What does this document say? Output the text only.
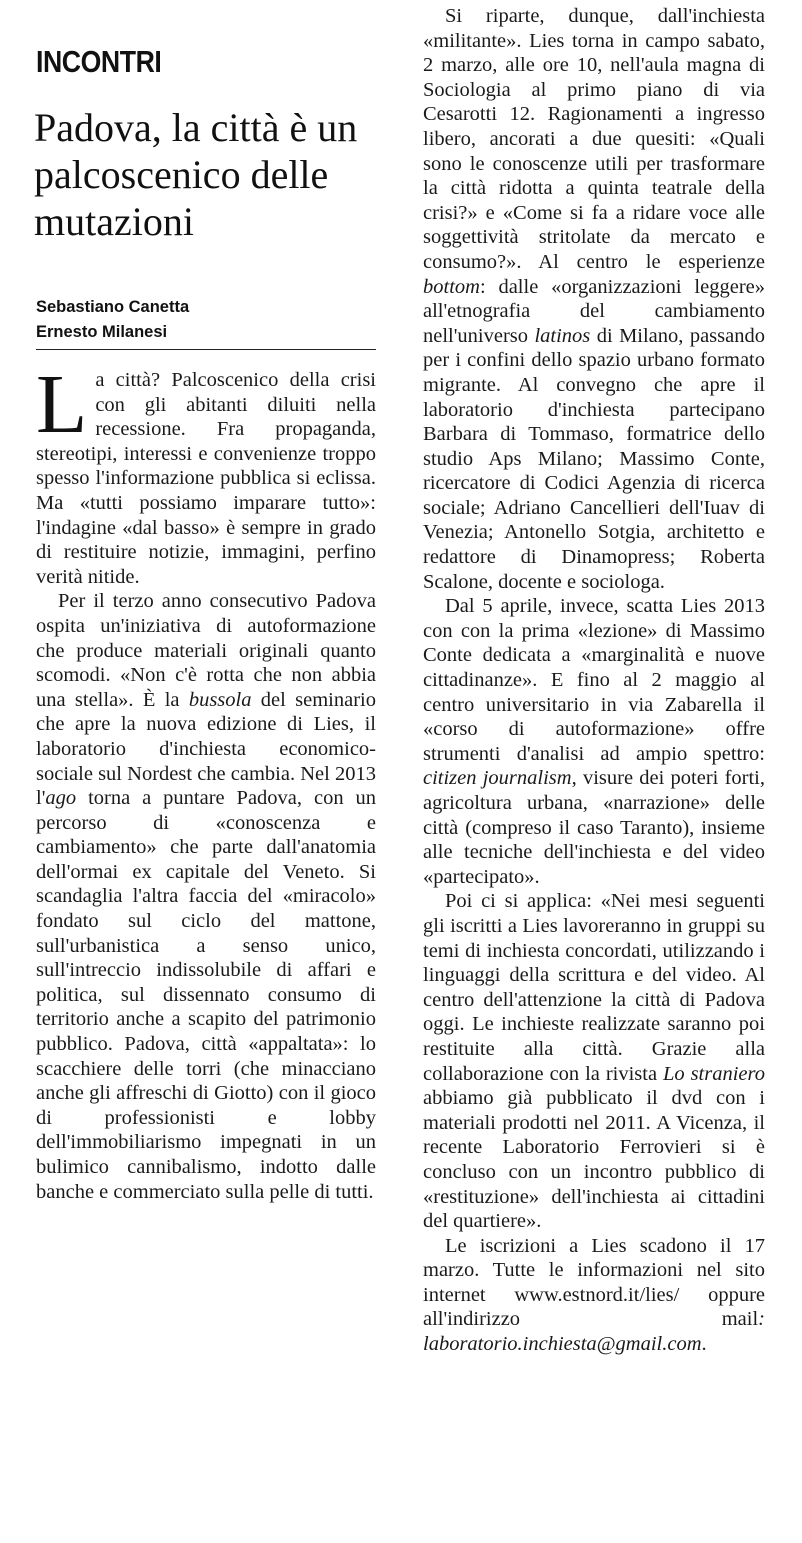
INCONTRI
Padova, la città è un palcoscenico delle mutazioni
Sebastiano Canetta
Ernesto Milanesi

L a città? Palcoscenico della crisi con gli abitanti diluiti nella recessione. Fra propaganda, stereotipi, interessi e convenienze troppo spesso l'informazione pubblica si eclissa. Ma «tutti possiamo imparare tutto»: l'indagine «dal basso» è sempre in grado di restituire notizie, immagini, perfino verità nitide.

Per il terzo anno consecutivo Padova ospita un'iniziativa di autoformazione che produce materiali originali quanto scomodi. «Non c'è rotta che non abbia una stella». È la bussola del seminario che apre la nuova edizione di Lies, il laboratorio d'inchiesta economico-sociale sul Nordest che cambia. Nel 2013 l'ago torna a puntare Padova, con un percorso di «conoscenza e cambiamento» che parte dall'anatomia dell'ormai ex capitale del Veneto. Si scandaglia l'altra faccia del «miracolo» fondato sul ciclo del mattone, sull'urbanistica a senso unico, sull'intreccio indissolubile di affari e politica, sul dissennato consumo di territorio anche a scapito del patrimonio pubblico. Padova, città «appaltata»: lo scacchiere delle torri (che minacciano anche gli affreschi di Giotto) con il gioco di professionisti e lobby dell'immobiliarismo impegnati in un bulimico cannibalismo, indotto dalle banche e commerciato sulla pelle di tutti.

Si riparte, dunque, dall'inchiesta «militante». Lies torna in campo sabato, 2 marzo, alle ore 10, nell'aula magna di Sociologia al primo piano di via Cesarotti 12. Ragionamenti a ingresso libero, ancorati a due quesiti: «Quali sono le conoscenze utili per trasformare la città ridotta a quinta teatrale della crisi?» e «Come si fa a ridare voce alle soggettività stritolate da mercato e consumo?». Al centro le esperienze bottom: dalle «organizzazioni leggere» all'etnografia del cambiamento nell'universo latinos di Milano, passando per i confini dello spazio urbano formato migrante. Al convegno che apre il laboratorio d'inchiesta partecipano Barbara di Tommaso, formatrice dello studio Aps Milano; Massimo Conte, ricercatore di Codici Agenzia di ricerca sociale; Adriano Cancellieri dell'Iuav di Venezia; Antonello Sotgia, architetto e redattore di Dinamopress; Roberta Scalone, docente e sociologa.

Dal 5 aprile, invece, scatta Lies 2013 con con la prima «lezione» di Massimo Conte dedicata a «marginalità e nuove cittadinanze». E fino al 2 maggio al centro universitario in via Zabarella il «corso di autoformazione» offre strumenti d'analisi ad ampio spettro: citizen journalism, visure dei poteri forti, agricoltura urbana, «narrazione» delle città (compreso il caso Taranto), insieme alle tecniche dell'inchiesta e del video «partecipato».

Poi ci si applica: «Nei mesi seguenti gli iscritti a Lies lavoreranno in gruppi su temi di inchiesta concordati, utilizzando i linguaggi della scrittura e del video. Al centro dell'attenzione la città di Padova oggi. Le inchieste realizzate saranno poi restituite alla città. Grazie alla collaborazione con la rivista Lo straniero abbiamo già pubblicato il dvd con i materiali prodotti nel 2011. A Vicenza, il recente Laboratorio Ferrovieri si è concluso con un incontro pubblico di «restituzione» dell'inchiesta ai cittadini del quartiere».

Le iscrizioni a Lies scadono il 17 marzo. Tutte le informazioni nel sito internet www.estnord.it/lies/ oppure all'indirizzo mail: laboratorio.inchiesta@gmail.com.
